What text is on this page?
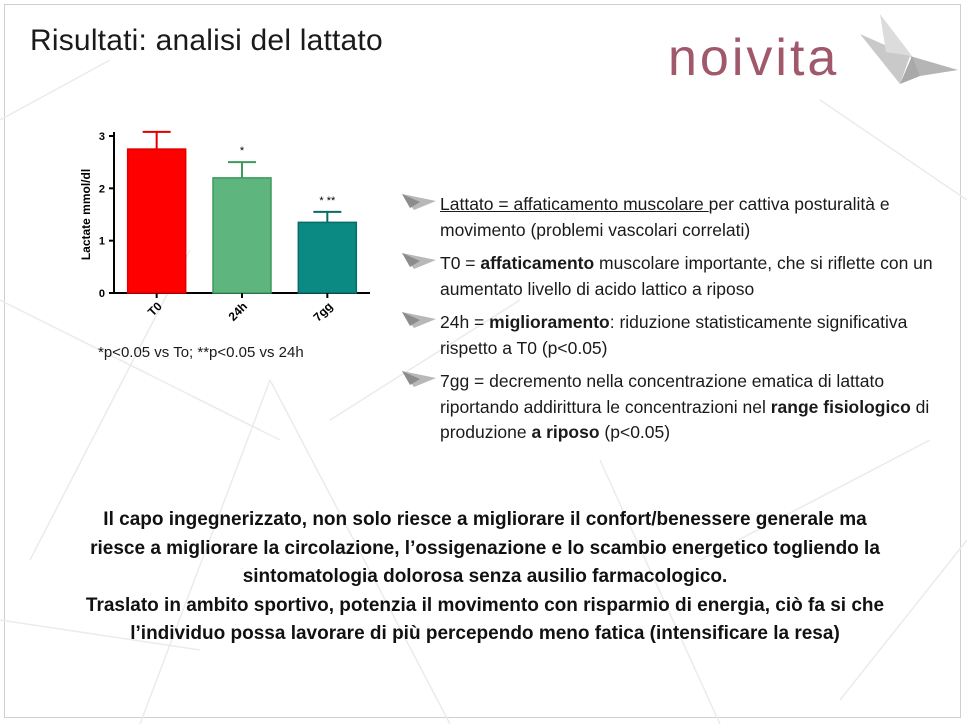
Risultati: analisi del lattato	noivita
0
1
2
3
Lactate mmol/dl
T0
*
24h
* **
7gg
*p<0.05 vs To; **p<0.05 vs 24h
Lattato = affaticamento muscolare per cattiva posturalità e movimento (problemi vascolari correlati)
T0 = affaticamento muscolare importante, che si riflette con un aumentato livello di acido lattico a riposo
24h = miglioramento: riduzione statisticamente significativa rispetto a T0 (p<0.05)
7gg = decremento nella concentrazione ematica di lattato riportando addirittura le concentrazioni nel range fisiologico di produzione a riposo (p<0.05)
Il capo ingegnerizzato, non solo riesce a migliorare il confort/benessere generale ma
riesce a migliorare la circolazione, l’ossigenazione e lo scambio energetico togliendo la
sintomatologia dolorosa senza ausilio farmacologico.
Traslato in ambito sportivo, potenzia il movimento con risparmio di energia, ciò fa si che
l’individuo possa lavorare di più percependo meno fatica (intensificare la resa)
